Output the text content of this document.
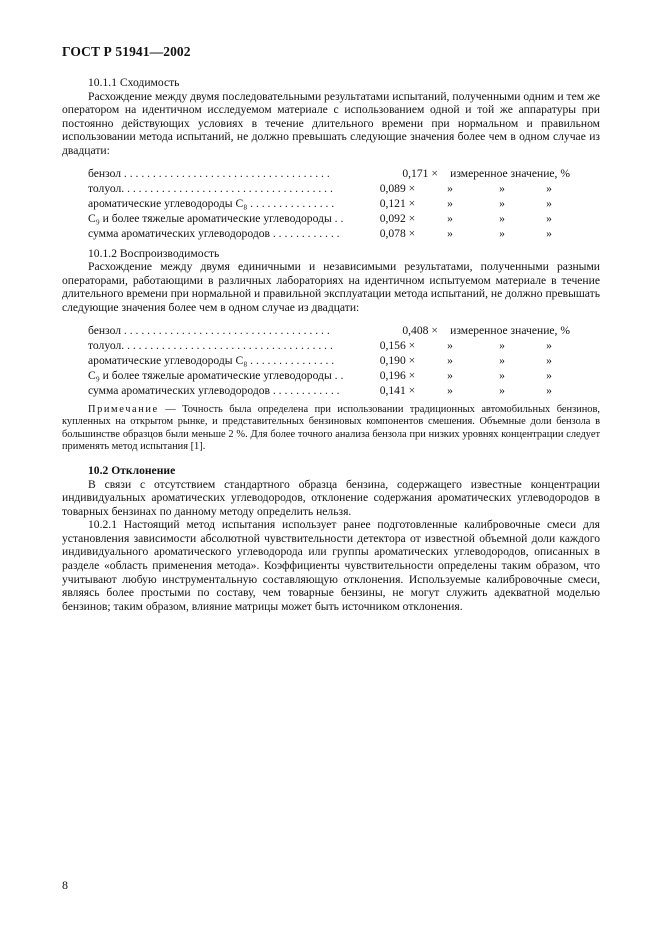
ГОСТ Р 51941—2002
10.1.1 Сходимость

Расхождение между двумя последовательными результатами испытаний, полученными одним и тем же оператором на идентичном исследуемом материале с использованием одной и той же аппаратуры при постоянно действующих условиях в течение длительного времени при нормальном и правильном использовании метода испытаний, не должно превышать следующие значения более чем в одном случае из двадцати:

бензол . . . . . . . . . . . . . . . . . . . . . . . . . . . . . . . . . . . .	0,171 ×	измеренное значение, %
толуол. . . . . . . . . . . . . . . . . . . . . . . . . . . . . . . . . . . . .	0,089 ×	»	»	»
ароматические углеводороды C₈ . . . . . . . . . . . . . . .	0,121 ×	»	»	»
C₉ и более тяжелые ароматические углеводороды . .	0,092 ×	»	»	»
сумма ароматических углеводородов . . . . . . . . . . . .	0,078 ×	»	»	»
10.1.2 Воспроизводимость

Расхождение между двумя единичными и независимыми результатами, полученными разными операторами, работающими в различных лабораториях на идентичном испытуемом материале в течение длительного времени при нормальной и правильной эксплуатации метода испытаний, не должно превышать следующие значения более чем в одном случае из двадцати:

бензол . . . . . . . . . . . . . . . . . . . . . . . . . . . . . . . . . . . .	0,408 ×	измеренное значение, %
толуол. . . . . . . . . . . . . . . . . . . . . . . . . . . . . . . . . . . . .	0,156 ×	»	»	»
ароматические углеводороды C₈ . . . . . . . . . . . . . . .	0,190 ×	»	»	»
C₉ и более тяжелые ароматические углеводороды . .	0,196 ×	»	»	»
сумма ароматических углеводородов . . . . . . . . . . . .	0,141 ×	»	»	»

Примечание — Точность была определена при использовании традиционных автомобильных бензинов, купленных на открытом рынке, и представительных бензиновых компонентов смешения. Объемные доли бензола в большинстве образцов были меньше 2 %. Для более точного анализа бензола при низких уровнях концентрации следует применять метод испытания [1].

10.2 Отклонение

В связи с отсутствием стандартного образца бензина, содержащего известные концентрации индивидуальных ароматических углеводородов, отклонение содержания ароматических углеводородов в товарных бензинах по данному методу определить нельзя.

10.2.1 Настоящий метод испытания использует ранее подготовленные калибровочные смеси для установления зависимости абсолютной чувствительности детектора от известной объемной доли каждого индивидуального ароматического углеводорода или группы ароматических углеводородов, описанных в разделе «область применения метода». Коэффициенты чувствительности определены таким образом, что учитывают любую инструментальную составляющую отклонения. Используемые калибровочные смеси, являясь более простыми по составу, чем товарные бензины, не могут служить адекватной моделью бензинов; таким образом, влияние матрицы может быть источником отклонения.

8
